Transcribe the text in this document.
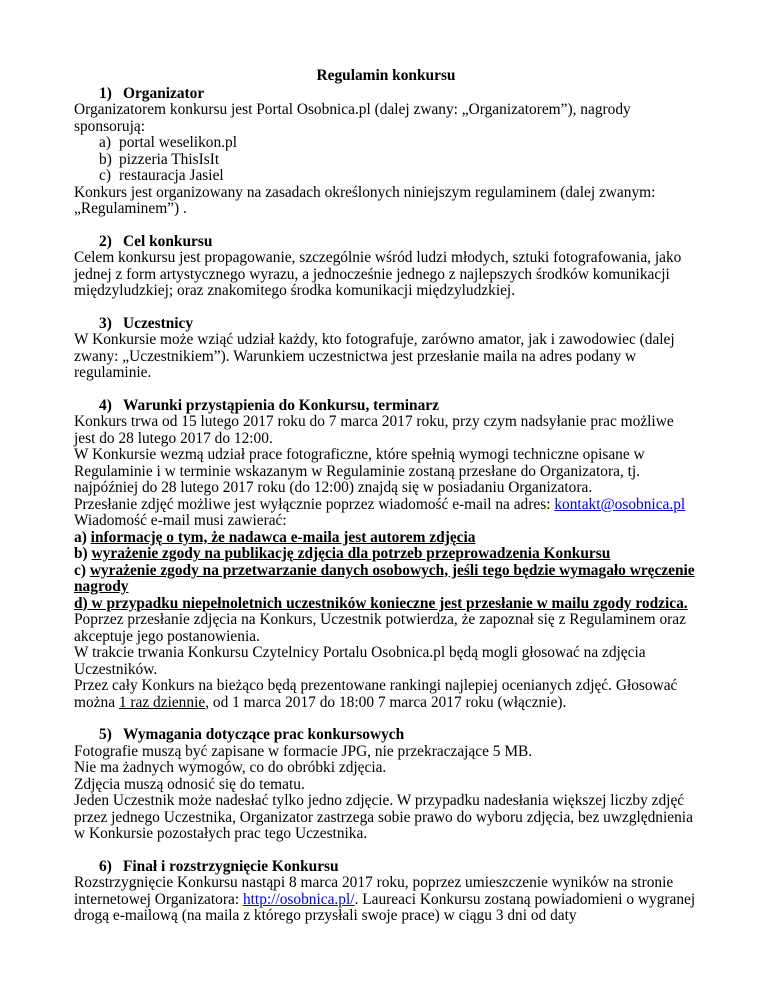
Regulamin konkursu
1) Organizator

Organizatorem konkursu jest Portal Osobnica.pl (dalej zwany: „Organizatorem”), nagrody sponsorują:

a) portal weselikon.pl
b) pizzeria ThisIsIt
c) restauracja Jasiel

Konkurs jest organizowany na zasadach określonych niniejszym regulaminem (dalej zwanym: „Regulaminem”) .

2) Cel konkursu

Celem konkursu jest propagowanie, szczególnie wśród ludzi młodych, sztuki fotografowania, jako jednej z form artystycznego wyrazu, a jednocześnie jednego z najlepszych środków komunikacji międzyludzkiej; oraz znakomitego środka komunikacji międzyludzkiej.

3) Uczestnicy

W Konkursie może wziąć udział każdy, kto fotografuje, zarówno amator, jak i zawodowiec (dalej zwany: „Uczestnikiem”). Warunkiem uczestnictwa jest przesłanie maila na adres podany w regulaminie.

4) Warunki przystąpienia do Konkursu, terminarz

Konkurs trwa od 15 lutego 2017 roku do 7 marca 2017 roku, przy czym nadsyłanie prac możliwe jest do 28 lutego 2017 do 12:00.

W Konkursie wezmą udział prace fotograficzne, które spełnią wymogi techniczne opisane w Regulaminie i w terminie wskazanym w Regulaminie zostaną przesłane do Organizatora, tj. najpóźniej do 28 lutego 2017 roku (do 12:00) znajdą się w posiadaniu Organizatora.

Przesłanie zdjęć możliwe jest wyłącznie poprzez wiadomość e-mail na adres: kontakt@osobnica.pl

Wiadomość e-mail musi zawierać:

a) informację o tym, że nadawca e-maila jest autorem zdjęcia

b) wyrażenie zgody na publikację zdjęcia dla potrzeb przeprowadzenia Konkursu

c) wyrażenie zgody na przetwarzanie danych osobowych, jeśli tego będzie wymagało wręczenie nagrody

d) w przypadku niepełnoletnich uczestników konieczne jest przesłanie w mailu zgody rodzica.

Poprzez przesłanie zdjęcia na Konkurs, Uczestnik potwierdza, że zapoznał się z Regulaminem oraz akceptuje jego postanowienia.

W trakcie trwania Konkursu Czytelnicy Portalu Osobnica.pl będą mogli głosować na zdjęcia Uczestników.

Przez cały Konkurs na bieżąco będą prezentowane rankingi najlepiej ocenianych zdjęć. Głosować można 1 raz dziennie, od 1 marca 2017 do 18:00 7 marca 2017 roku (włącznie).

5) Wymagania dotyczące prac konkursowych

Fotografie muszą być zapisane w formacie JPG, nie przekraczające 5 MB.

Nie ma żadnych wymogów, co do obróbki zdjęcia.

Zdjęcia muszą odnosić się do tematu.

Jeden Uczestnik może nadesłać tylko jedno zdjęcie. W przypadku nadesłania większej liczby zdjęć przez jednego Uczestnika, Organizator zastrzega sobie prawo do wyboru zdjęcia, bez uwzględnienia w Konkursie pozostałych prac tego Uczestnika.

6) Finał i rozstrzygnięcie Konkursu

Rozstrzygnięcie Konkursu nastąpi 8 marca 2017 roku, poprzez umieszczenie wyników na stronie internetowej Organizatora: http://osobnica.pl/. Laureaci Konkursu zostaną powiadomieni o wygranej drogą e-mailową (na maila z którego przysłali swoje prace) w ciągu 3 dni od daty
